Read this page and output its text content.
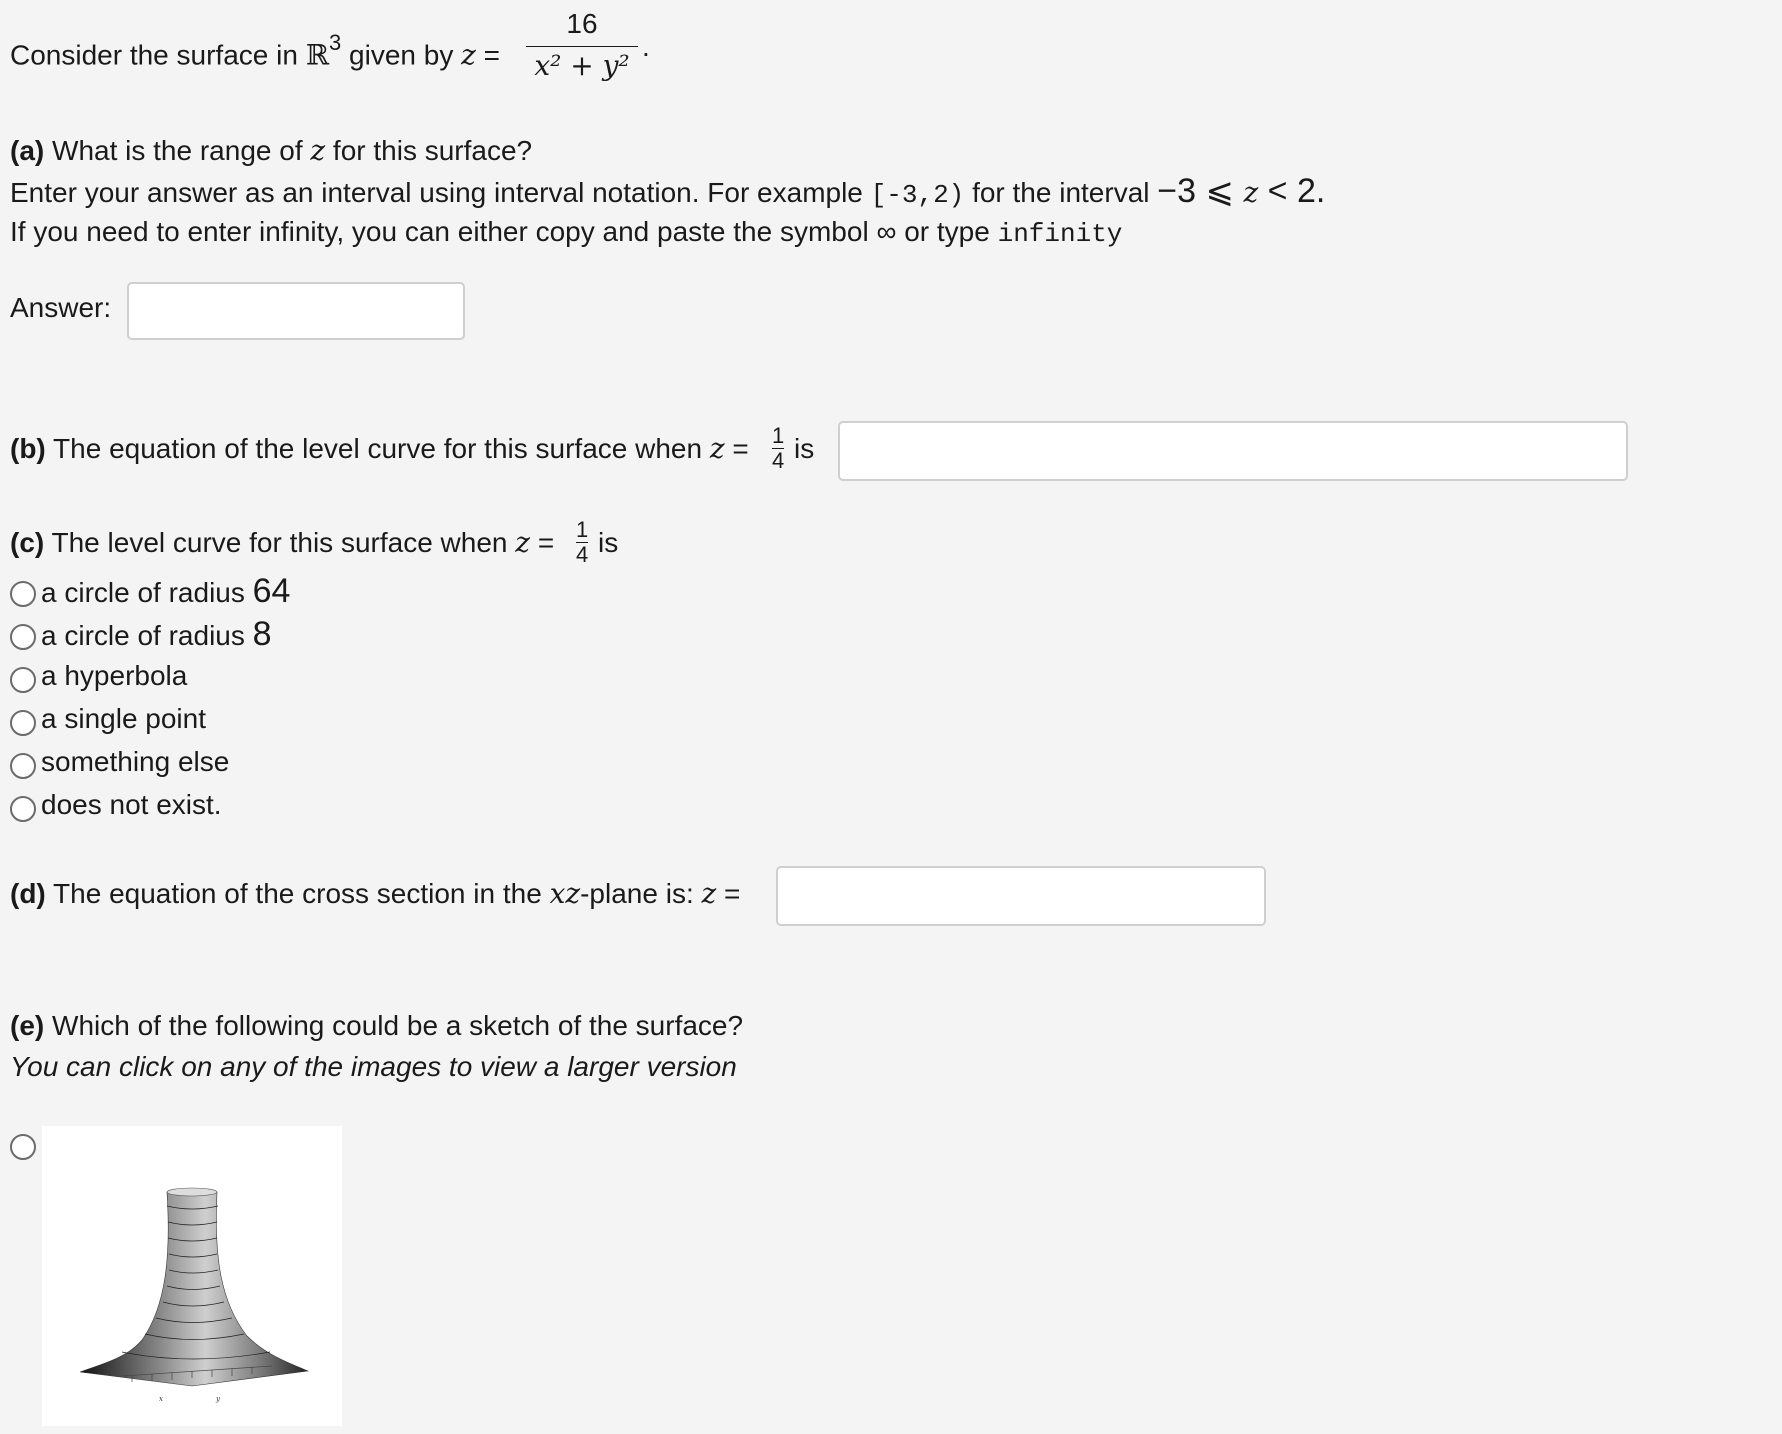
Consider the surface in ℝ$^3$ given by z =
16
x² + y²
.
(a) What is the range of z for this surface?
Enter your answer as an interval using interval notation. For example [-3,2) for the interval −3 ⩽ z < 2.
If you need to enter infinity, you can either copy and paste the symbol ∞ or type infinity
Answer:
(b) The equation of the level curve for this surface when $z = \frac{1}{4}$ is
(c) The level curve for this surface when $z = \frac{1}{4}$ is
a circle of radius 64
a circle of radius 8
a hyperbola
a single point
something else
does not exist.
(d) The equation of the cross section in the xz-plane is: z =
(e) Which of the following could be a sketch of the surface?
You can click on any of the images to view a larger version
x	y
